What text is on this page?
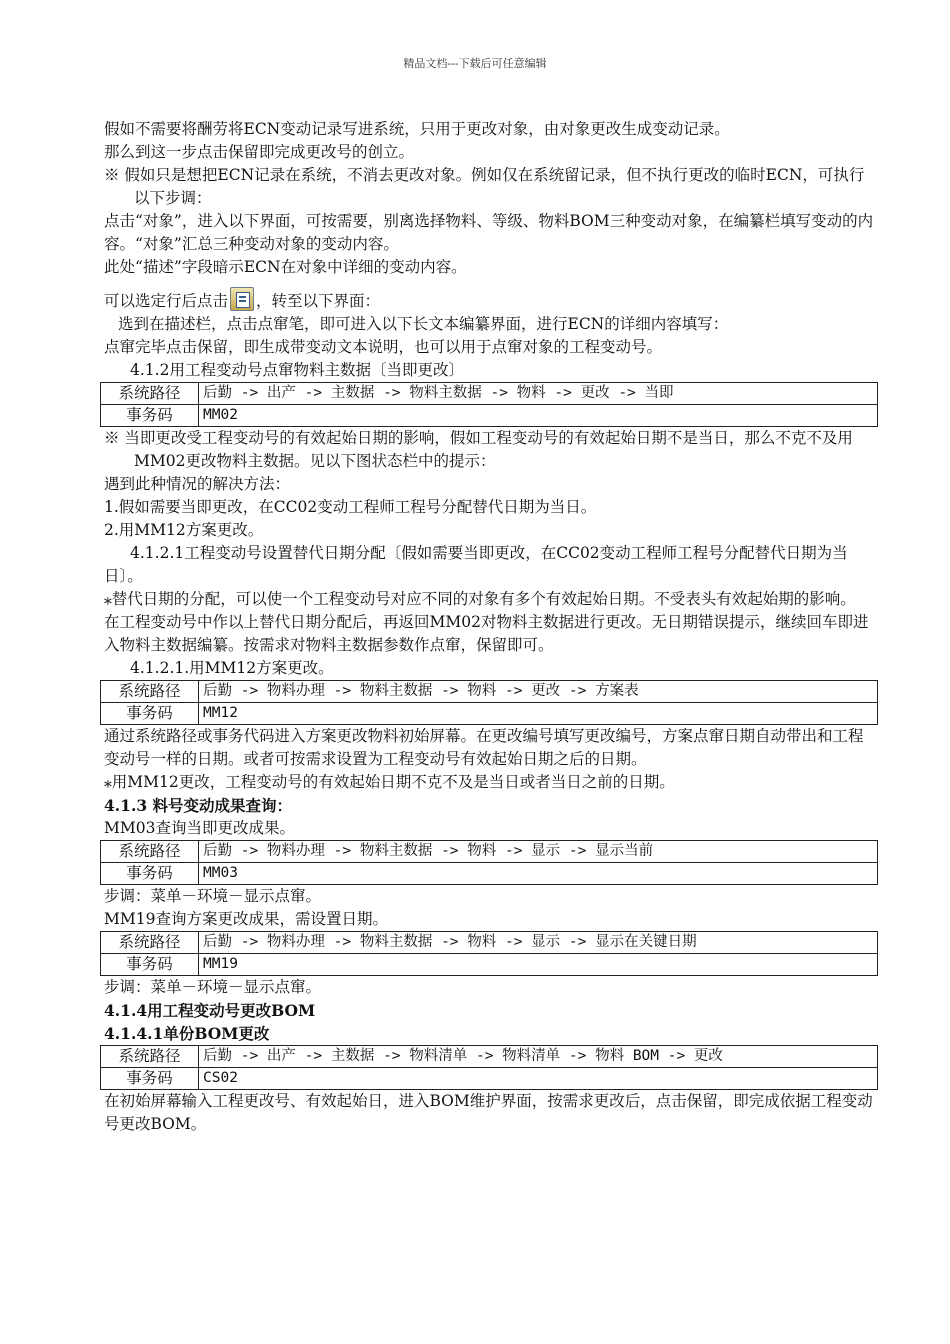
精品文档---下载后可任意编辑

假如不需要将酬劳将ECN变动记录写进系统，只用于更改对象，由对象更改生成变动记录。

那么到这一步点击保留即完成更改号的创立。

※ 假如只是想把ECN记录在系统，不消去更改对象。例如仅在系统留记录，但不执行更改的临时ECN，可执行以下步调：

点击“对象”，进入以下界面，可按需要，别离选择物料、等级、物料BOM三种变动对象，在编纂栏填写变动的内容。“对象”汇总三种变动对象的变动内容。

此处“描述”字段暗示ECN在对象中详细的变动内容。

可以选定行后点击 ，转至以下界面：

选到在描述栏，点击点窜笔，即可进入以下长文本编纂界面，进行ECN的详细内容填写：

点窜完毕点击保留，即生成带变动文本说明，也可以用于点窜对象的工程变动号。

4.1.2用工程变动号点窜物料主数据〔当即更改〕

系统路径	后勤 -> 出产 -> 主数据 -> 物料主数据 -> 物料 -> 更改 -> 当即
事务码	MM02

※ 当即更改受工程变动号的有效起始日期的影响，假如工程变动号的有效起始日期不是当日，那么不克不及用MM02更改物料主数据。见以下图状态栏中的提示：

遇到此种情况的解决方法：

1.假如需要当即更改，在CC02变动工程师工程号分配替代日期为当日。

2.用MM12方案更改。

4.1.2.1工程变动号设置替代日期分配〔假如需要当即更改，在CC02变动工程师工程号分配替代日期为当日〕。

⁎替代日期的分配，可以使一个工程变动号对应不同的对象有多个有效起始日期。不受表头有效起始期的影响。

在工程变动号中作以上替代日期分配后，再返回MM02对物料主数据进行更改。无日期错误提示，继续回车即进入物料主数据编纂。按需求对物料主数据参数作点窜，保留即可。

4.1.2.1.用MM12方案更改。

系统路径	后勤 -> 物料办理 -> 物料主数据 -> 物料 -> 更改 -> 方案表
事务码	MM12

通过系统路径或事务代码进入方案更改物料初始屏幕。在更改编号填写更改编号，方案点窜日期自动带出和工程变动号一样的日期。或者可按需求设置为工程变动号有效起始日期之后的日期。

⁎用MM12更改，工程变动号的有效起始日期不克不及是当日或者当日之前的日期。

4.1.3 料号变动成果查询：

MM03查询当即更改成果。

系统路径	后勤 -> 物料办理 -> 物料主数据 -> 物料 -> 显示 -> 显示当前
事务码	MM03

步调：菜单－环境－显示点窜。

MM19查询方案更改成果，需设置日期。

系统路径	后勤 -> 物料办理 -> 物料主数据 -> 物料 -> 显示 -> 显示在关键日期
事务码	MM19

步调：菜单－环境－显示点窜。

4.1.4用工程变动号更改BOM

4.1.4.1单份BOM更改

系统路径	后勤 -> 出产 -> 主数据 -> 物料清单 -> 物料清单 -> 物料 BOM -> 更改
事务码	CS02

在初始屏幕输入工程更改号、有效起始日，进入BOM维护界面，按需求更改后，点击保留，即完成依据工程变动号更改BOM。
